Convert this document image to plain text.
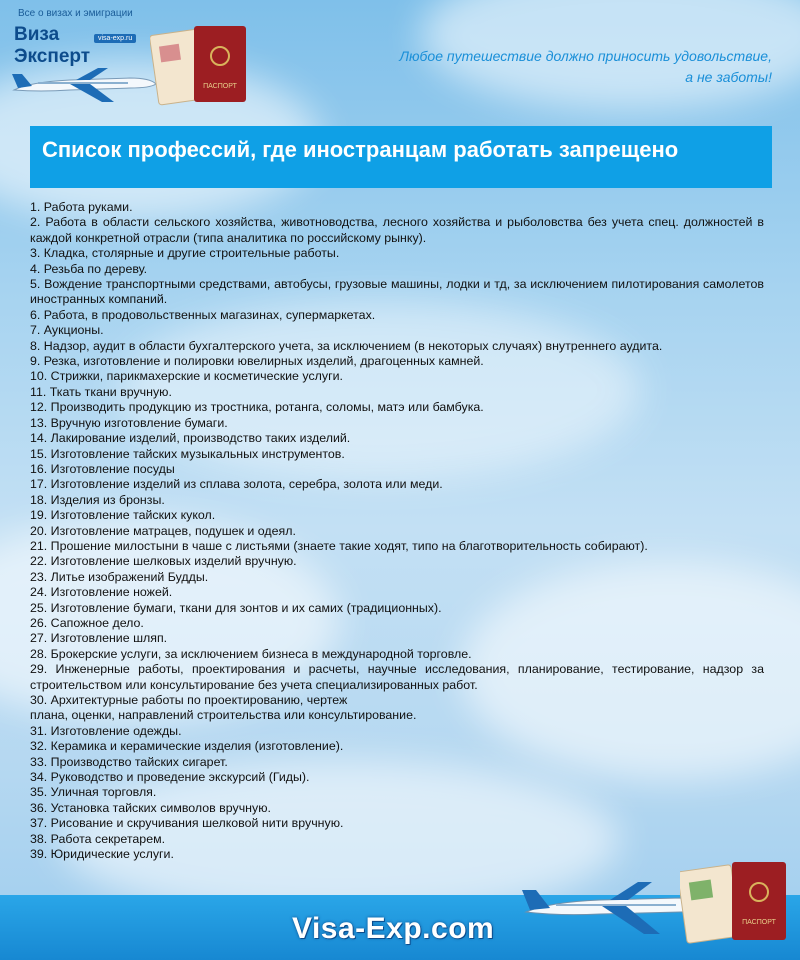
Все о визах и эмиграции
Виза
Эксперт
visa-exp.ru
ПАСПОРТ
Любое путешествие должно приносить удовольствие,
а не заботы!
Список профессий, где иностранцам работать запрещено
1. Работа руками.
2. Работа в области сельского хозяйства, животноводства, лесного хозяйства и рыболовства без учета спец. должностей в каждой конкретной отрасли (типа аналитика по российскому рынку).
3. Кладка, столярные и другие строительные работы.
4. Резьба по дереву.
5. Вождение транспортными средствами, автобусы, грузовые машины, лодки и тд, за исключением пилотирования самолетов иностранных компаний.
6. Работа, в продовольственных магазинах, супермаркетах.
7. Аукционы.
8. Надзор, аудит в области бухгалтерского учета, за исключением (в некоторых случаях) внутреннего аудита.
9. Резка, изготовление и полировки ювелирных изделий, драгоценных камней.
10. Стрижки, парикмахерские и косметические услуги.
11. Ткать ткани вручную.
12. Производить продукцию из тростника, ротанга, соломы, матэ или бамбука.
13. Вручную изготовление бумаги.
14. Лакирование изделий, производство таких изделий.
15. Изготовление тайских музыкальных инструментов.
16. Изготовление посуды
17. Изготовление изделий из сплава золота, серебра, золота или меди.
18. Изделия из бронзы.
19. Изготовление тайских кукол.
20. Изготовление матрацев, подушек и одеял.
21. Прошение милостыни в чаше с листьями (знаете такие ходят, типо на благотворительность собирают).
22. Изготовление шелковых изделий вручную.
23. Литье изображений Будды.
24. Изготовление ножей.
25. Изготовление бумаги, ткани для зонтов и их самих (традиционных).
26. Сапожное дело.
27. Изготовление шляп.
28. Брокерские услуги, за исключением бизнеса в международной торговле.
29. Инженерные работы, проектирования и расчеты, научные исследования, планирование, тестирование, надзор за строительством или консультирование без учета специализированных работ.
30. Архитектурные работы по проектированию, чертеж
плана, оценки, направлений строительства или консультирование.
31. Изготовление одежды.
32. Керамика и керамические изделия (изготовление).
33. Производство тайских сигарет.
34. Руководство и проведение экскурсий (Гиды).
35. Уличная торговля.
36. Установка тайских символов вручную.
37. Рисование и скручивания шелковой нити вручную.
38. Работа секретарем.
39. Юридические услуги.
ПАСПОРТ
Visa-Exp.com
